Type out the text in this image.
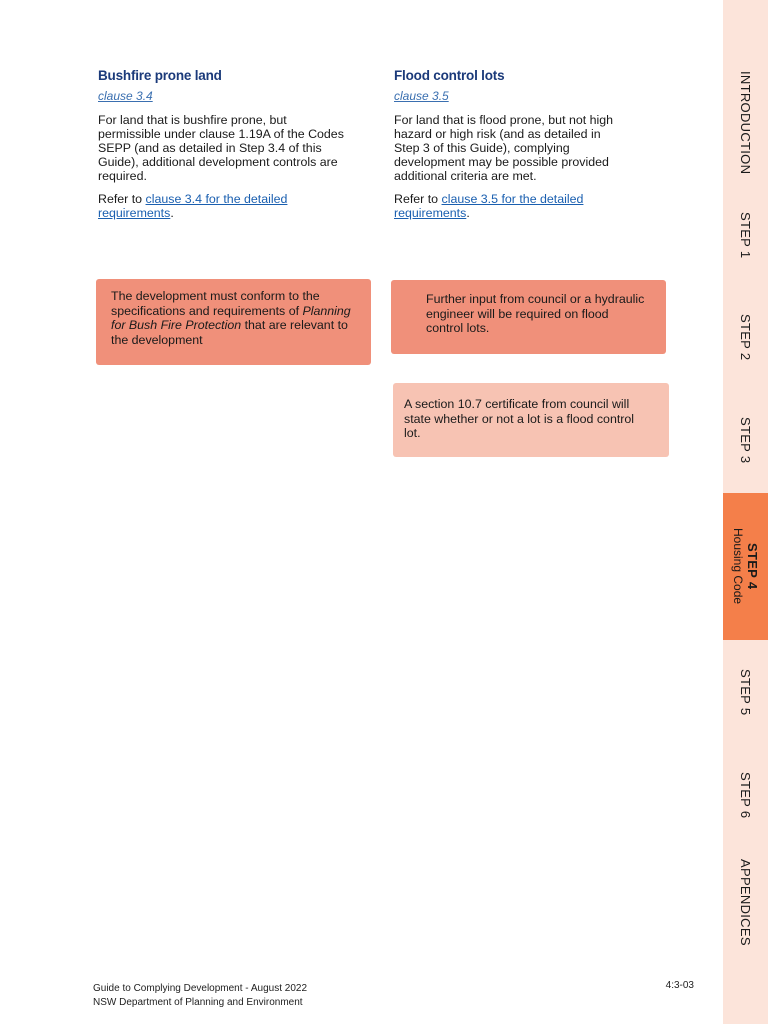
Bushfire prone land
clause 3.4

For land that is bushfire prone, but permissible under clause 1.19A of the Codes SEPP (and as detailed in Step 3.4 of this Guide), additional development controls are required.

Refer to clause 3.4 for the detailed requirements.

Flood control lots
clause 3.5

For land that is flood prone, but not high hazard or high risk (and as detailed in Step 3 of this Guide), complying development may be possible provided additional criteria are met.

Refer to clause 3.5 for the detailed requirements.

The development must conform to the specifications and requirements of Planning for Bush Fire Protection that are relevant to the development
Further input from council or a hydraulic engineer will be required on flood control lots.
A section 10.7 certificate from council will state whether or not a lot is a flood control lot.
INTRODUCTION
STEP 1
STEP 2
STEP 3
STEP 4
Housing Code
STEP 5
STEP 6
APPENDICES
Guide to Complying Development - August 2022
NSW Department of Planning and Environment
4:3-03
